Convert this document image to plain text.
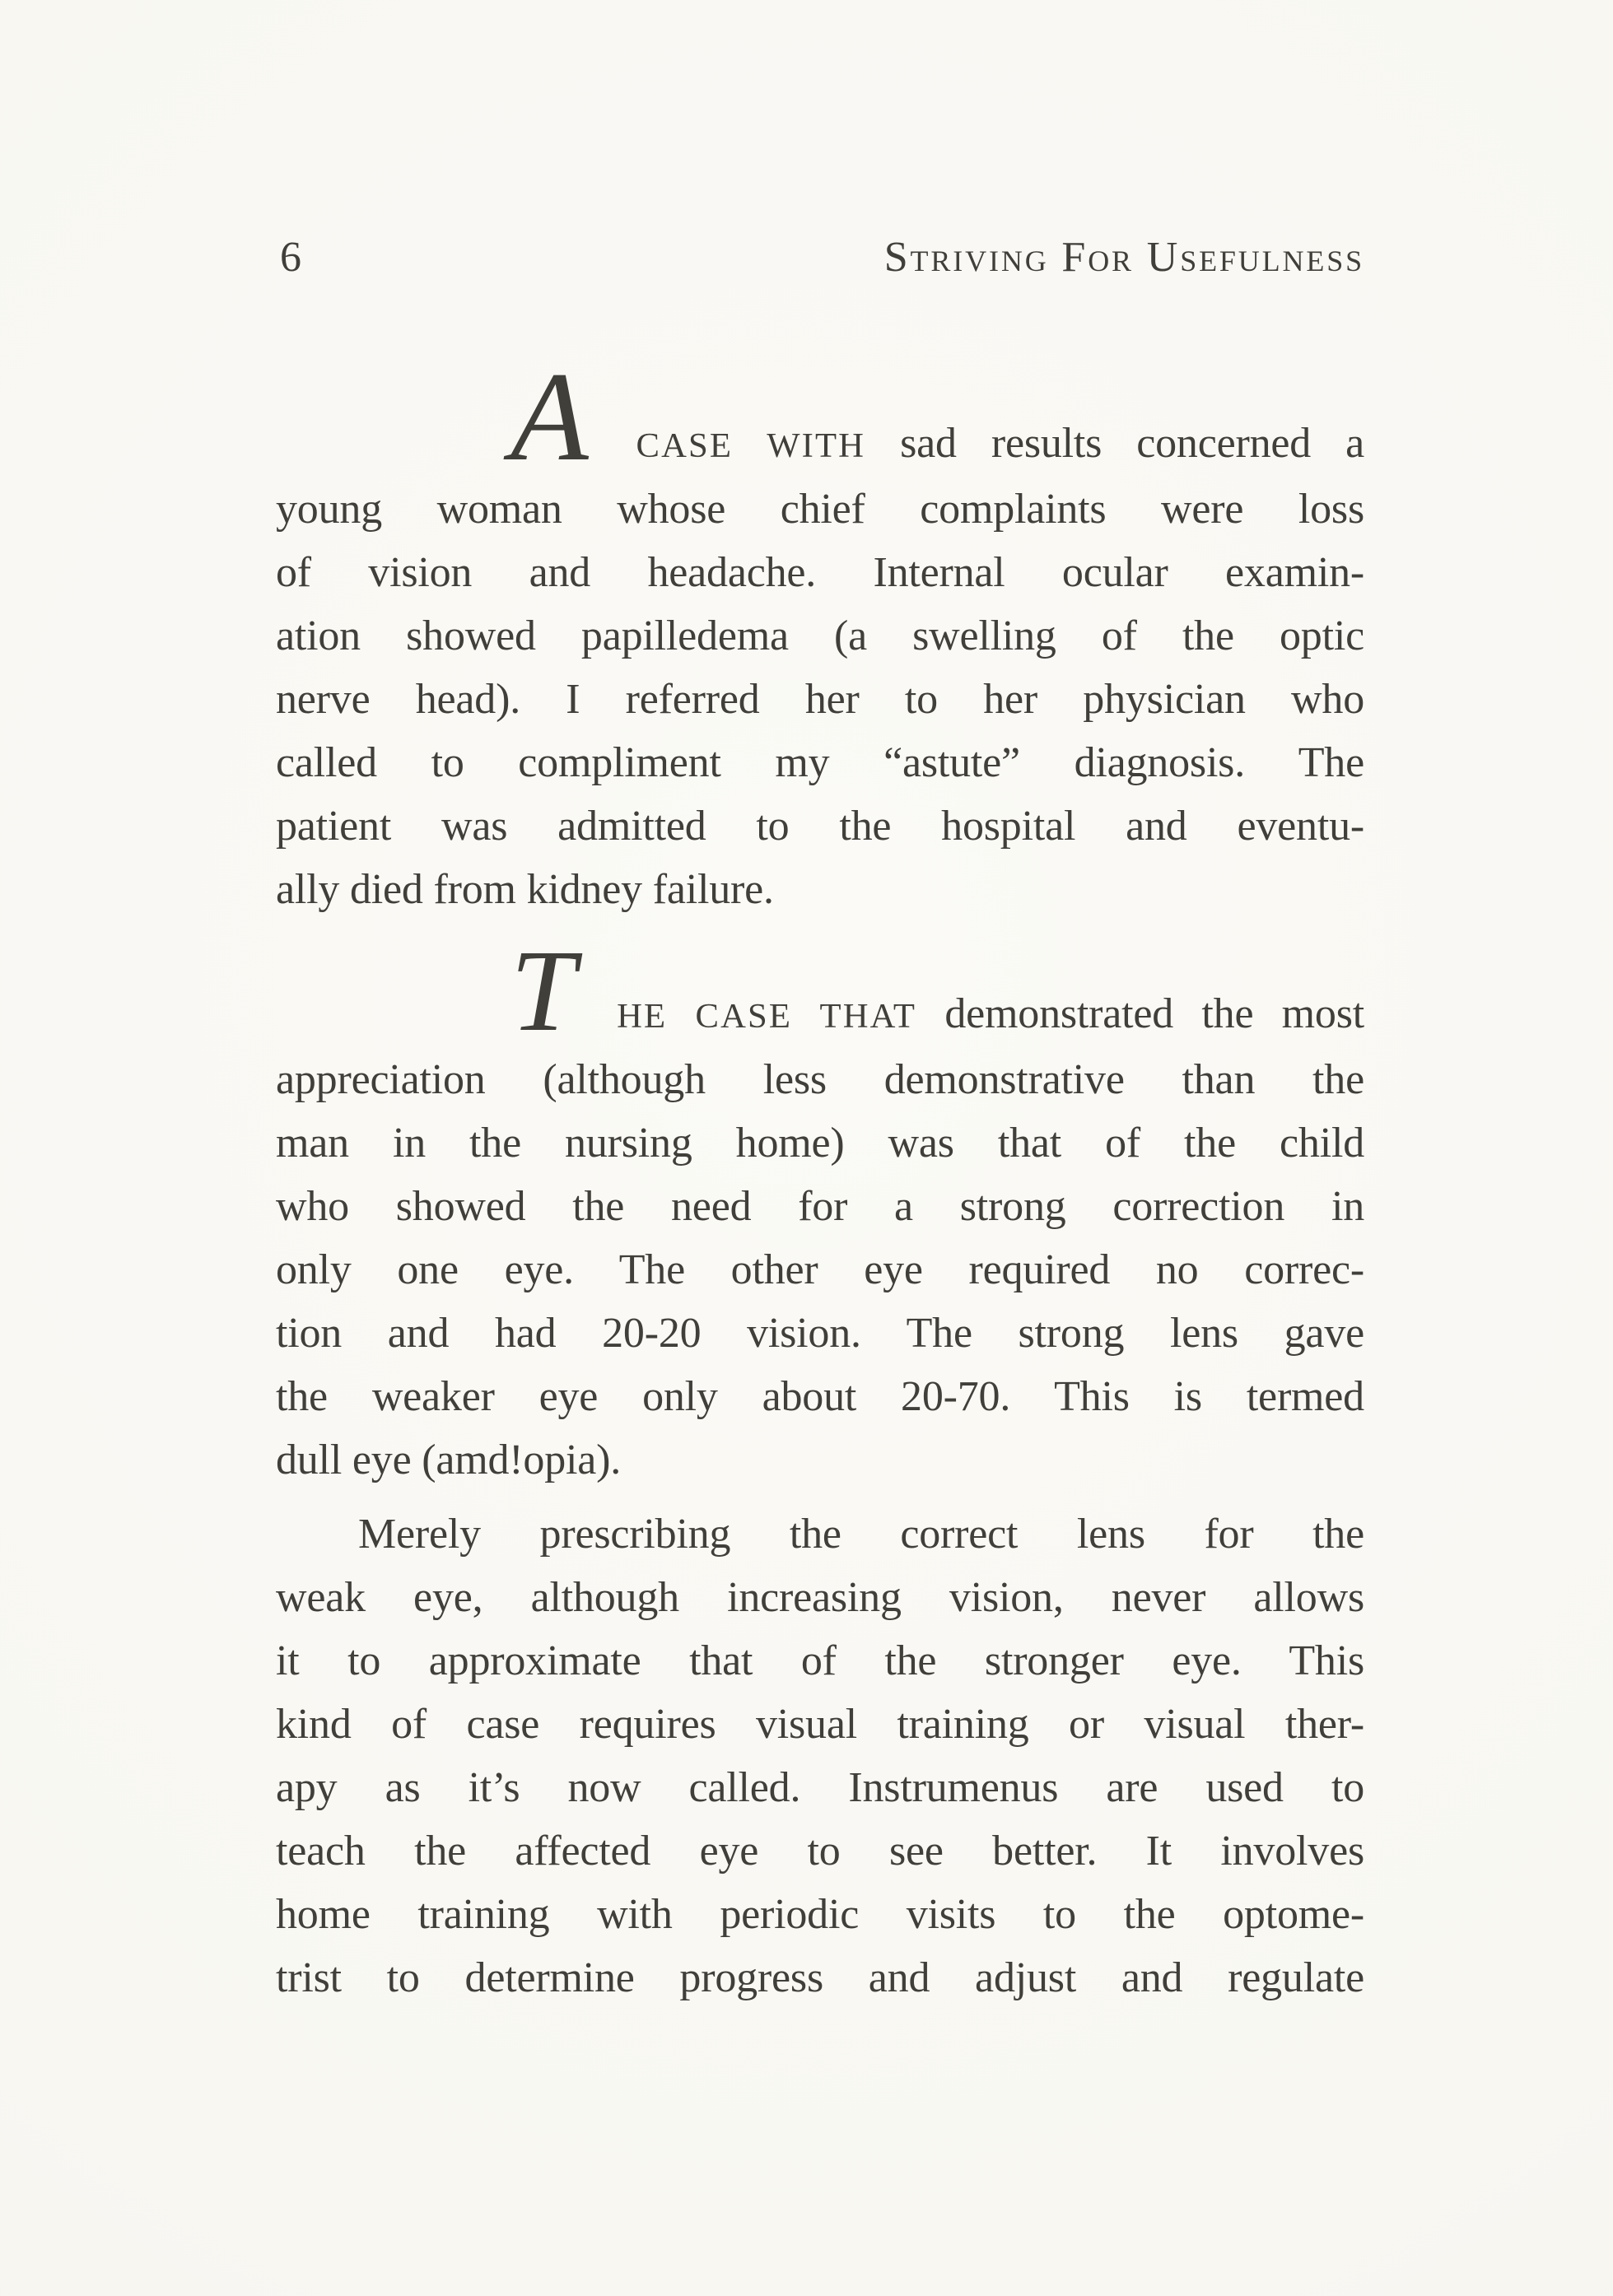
6	Striving For Usefulness
A CASE WITH sad results concerned a
young woman whose chief complaints were loss
of vision and headache. Internal ocular examin-
ation showed papilledema (a swelling of the optic
nerve head). I referred her to her physician who
called to compliment my “astute” diagnosis. The
patient was admitted to the hospital and eventu-
ally died from kidney failure.
T HE CASE THAT demonstrated the most
appreciation (although less demonstrative than the
man in the nursing home) was that of the child
who showed the need for a strong correction in
only one eye. The other eye required no correc-
tion and had 20-20 vision. The strong lens gave
the weaker eye only about 20-70. This is termed
dull eye (amd!opia).
Merely prescribing the correct lens for the
weak eye, although increasing vision, never allows
it to approximate that of the stronger eye. This
kind of case requires visual training or visual ther-
apy as it’s now called. Instrumenus are used to
teach the affected eye to see better. It involves
home training with periodic visits to the optome-
trist to determine progress and adjust and regulate
